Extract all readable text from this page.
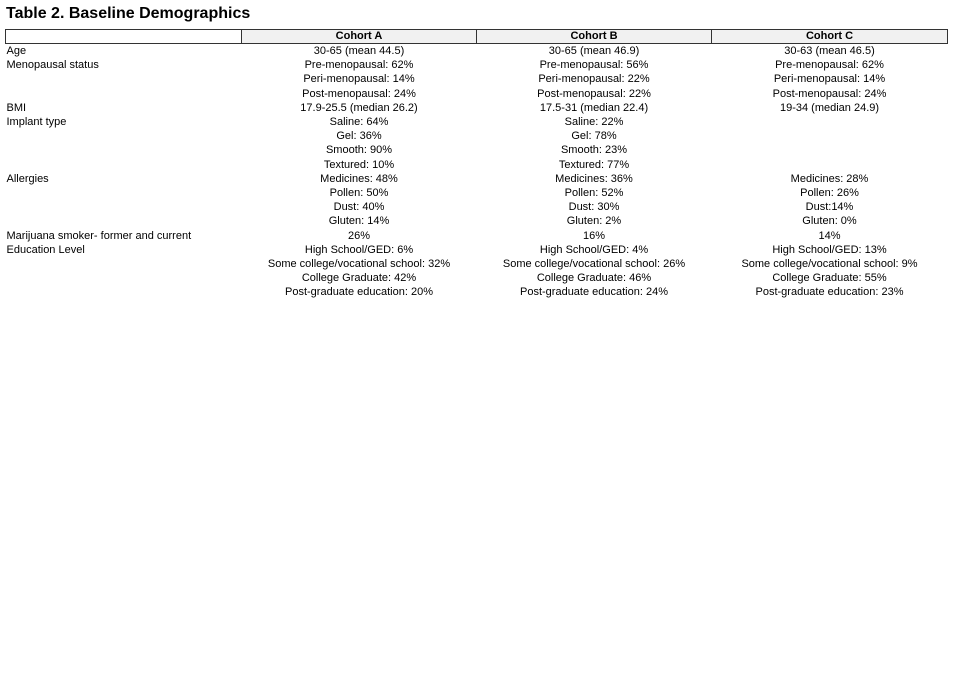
Table 2. Baseline Demographics
	Cohort A	Cohort B	Cohort C
Age	30-65 (mean 44.5)	30-65 (mean 46.9)	30-63 (mean 46.5)

Menopausal status	Pre-menopausal: 62%
Peri-menopausal: 14%
Post-menopausal: 24%	Pre-menopausal: 56%
Peri-menopausal: 22%
Post-menopausal: 22%	Pre-menopausal: 62%
Peri-menopausal: 14%
Post-menopausal: 24%

BMI	17.9-25.5 (median 26.2)	17.5-31 (median 22.4)	19-34 (median 24.9)

Implant type	Saline: 64%
Gel: 36%
Smooth: 90%
Textured: 10%	Saline: 22%
Gel: 78%
Smooth: 23%
Textured: 77%	

Allergies	Medicines: 48%
Pollen: 50%
Dust: 40%
Gluten: 14%	Medicines: 36%
Pollen: 52%
Dust: 30%
Gluten: 2%	Medicines: 28%
Pollen: 26%
Dust:14%
Gluten: 0%

Marijuana smoker- former and current	26%	16%	14%

Education Level	High School/GED: 6%
Some college/vocational school: 32%
College Graduate: 42%
Post-graduate education: 20%	High School/GED: 4%
Some college/vocational school: 26%
College Graduate: 46%
Post-graduate education: 24%	High School/GED: 13%
Some college/vocational school: 9%
College Graduate: 55%
Post-graduate education: 23%
